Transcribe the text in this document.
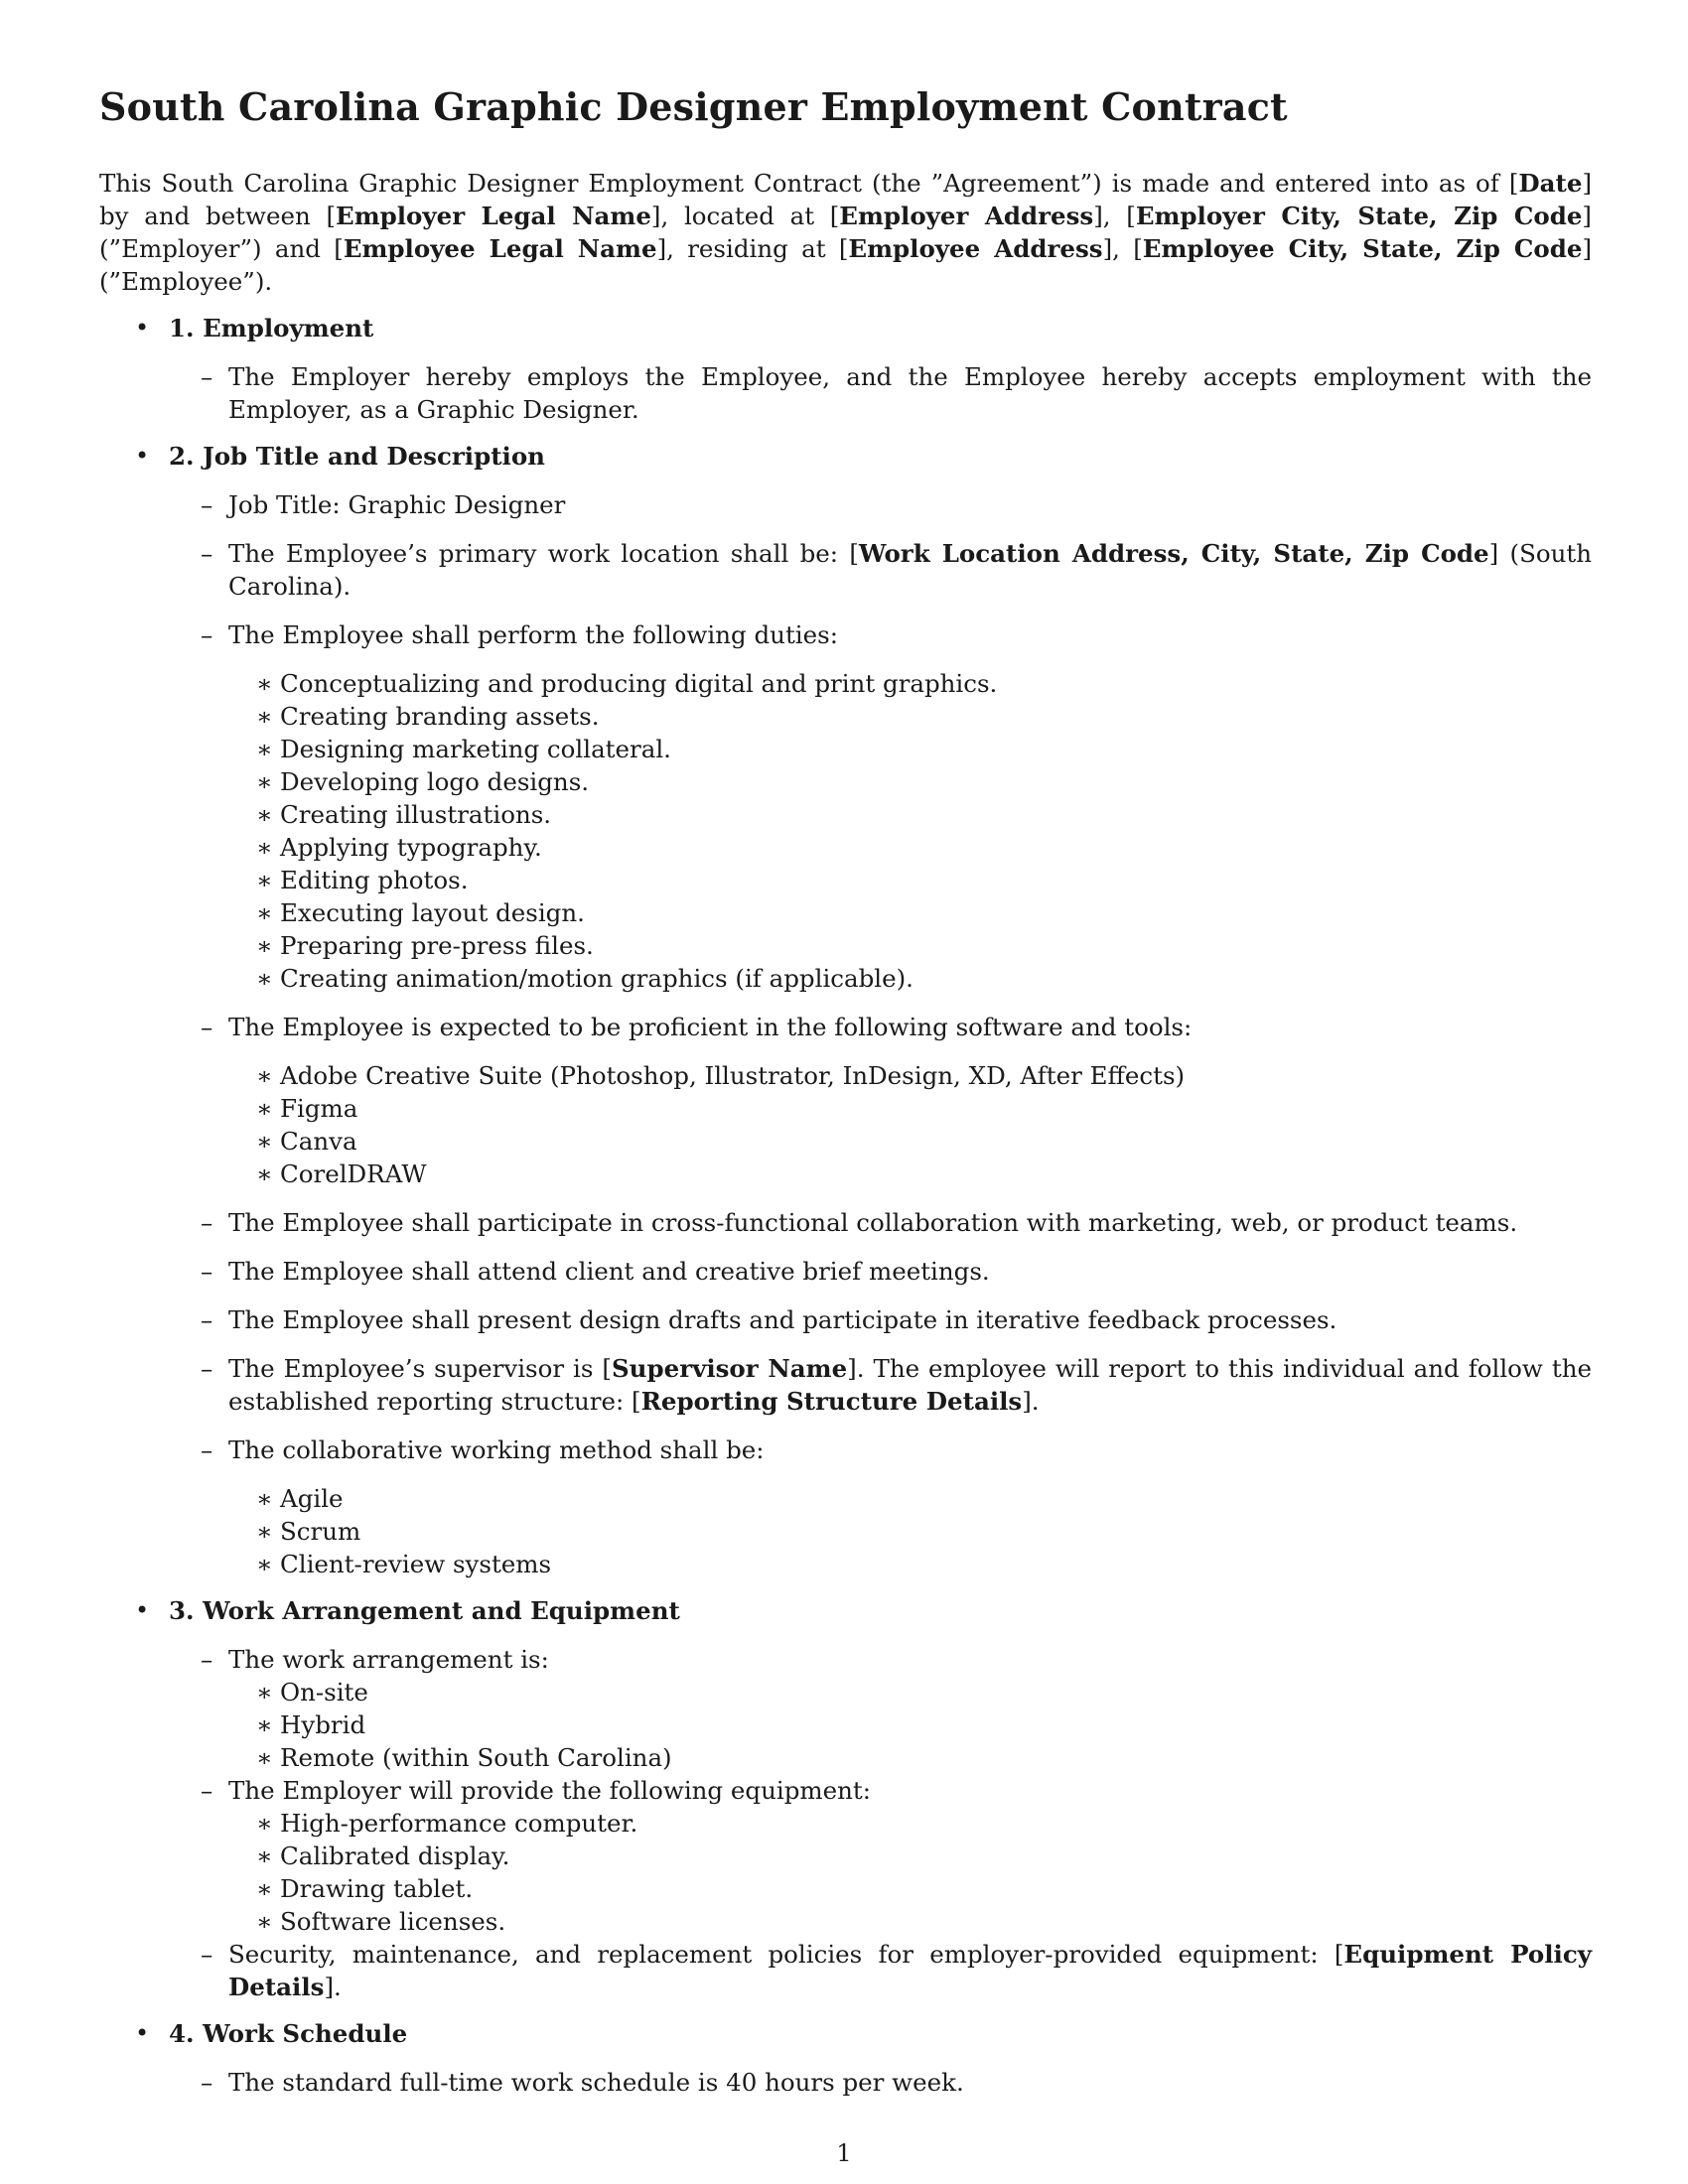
South Carolina Graphic Designer Employment Contract

This South Carolina Graphic Designer Employment Contract (the ”Agreement”) is made and entered into as of [Date] by and between [Employer Legal Name], located at [Employer Address], [Employer City, State, Zip Code] (”Employer”) and [Employee Legal Name], residing at [Employee Address], [Employee City, State, Zip Code] (”Employee”).

• 1. Employment
– The Employer hereby employs the Employee, and the Employee hereby accepts employment with the Employer, as a Graphic Designer.
• 2. Job Title and Description
– Job Title: Graphic Designer
– The Employee’s primary work location shall be: [Work Location Address, City, State, Zip Code] (South Carolina).
– The Employee shall perform the following duties:
∗ Conceptualizing and producing digital and print graphics.
∗ Creating branding assets.
∗ Designing marketing collateral.
∗ Developing logo designs.
∗ Creating illustrations.
∗ Applying typography.
∗ Editing photos.
∗ Executing layout design.
∗ Preparing pre-press files.
∗ Creating animation/motion graphics (if applicable).
– The Employee is expected to be proficient in the following software and tools:
∗ Adobe Creative Suite (Photoshop, Illustrator, InDesign, XD, After Effects)
∗ Figma
∗ Canva
∗ CorelDRAW
– The Employee shall participate in cross-functional collaboration with marketing, web, or product teams.
– The Employee shall attend client and creative brief meetings.
– The Employee shall present design drafts and participate in iterative feedback processes.
– The Employee’s supervisor is [Supervisor Name]. The employee will report to this individual and follow the established reporting structure: [Reporting Structure Details].
– The collaborative working method shall be:
∗ Agile
∗ Scrum
∗ Client-review systems
• 3. Work Arrangement and Equipment
– The work arrangement is:
∗ On-site
∗ Hybrid
∗ Remote (within South Carolina)
– The Employer will provide the following equipment:
∗ High-performance computer.
∗ Calibrated display.
∗ Drawing tablet.
∗ Software licenses.
– Security, maintenance, and replacement policies for employer-provided equipment: [Equipment Policy Details].
• 4. Work Schedule
– The standard full-time work schedule is 40 hours per week.
1
